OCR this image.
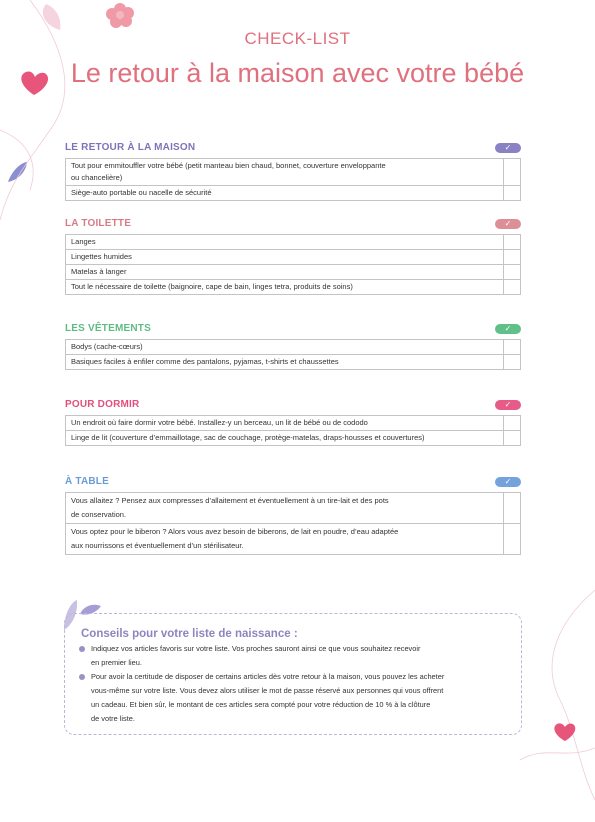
CHECK-LIST
Le retour à la maison avec votre bébé
LE RETOUR À LA MAISON	✓
Tout pour emmitouffler votre bébé (petit manteau bien chaud, bonnet, couverture enveloppante
ou chancelière)	

Siège-auto portable ou nacelle de sécurité	
LA TOILETTE	✓
Langes	
Lingettes humides	
Matelas à langer	
Tout le nécessaire de toilette (baignoire, cape de bain, linges tetra, produits de soins)	
LES VÊTEMENTS	✓
Bodys (cache-cœurs)	
Basiques faciles à enfiler comme des pantalons, pyjamas, t-shirts et chaussettes	
POUR DORMIR	✓
Un endroit où faire dormir votre bébé. Installez-y un berceau, un lit de bébé ou de cododo	
Linge de lit (couverture d’emmaillotage, sac de couchage, protège-matelas, draps-housses et couvertures)	
À TABLE	✓
Vous allaitez ? Pensez aux compresses d’allaitement et éventuellement à un tire-lait et des pots
de conservation.	

Vous optez pour le biberon ? Alors vous avez besoin de biberons, de lait en poudre, d’eau adaptée
aux nourrissons et éventuellement d’un stérilisateur.	

Conseils pour votre liste de naissance :
Indiquez vos articles favoris sur votre liste. Vos proches sauront ainsi ce que vous souhaitez recevoir
en premier lieu.
Pour avoir la certitude de disposer de certains articles dès votre retour à la maison, vous pouvez les acheter
vous-même sur votre liste. Vous devez alors utiliser le mot de passe réservé aux personnes qui vous offrent
un cadeau. Et bien sûr, le montant de ces articles sera compté pour votre réduction de 10 % à la clôture
de votre liste.
